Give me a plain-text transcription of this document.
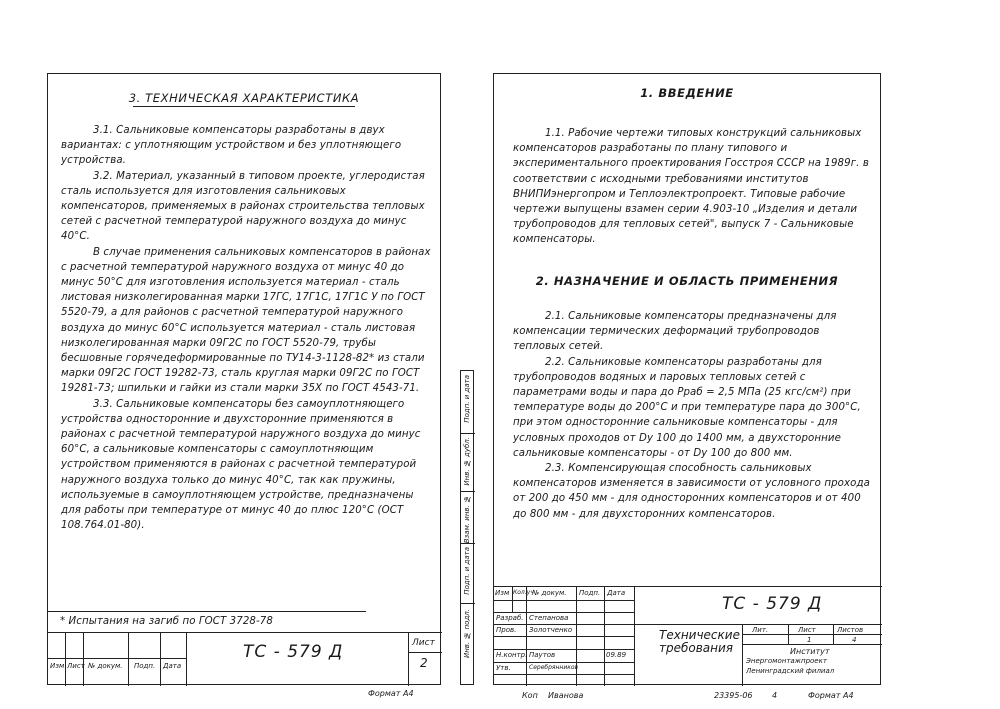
3. ТЕХНИЧЕСКАЯ ХАРАКТЕРИСТИКА
3.1. Сальниковые компенсаторы разработаны в двух вариантах: с уплотняющим устройством и без уплотняющего устройства.
3.2. Материал, указанный в типовом проекте, углеродистая сталь используется для изготовления сальниковых компенсаторов, применяемых в районах строительства тепловых сетей с расчетной температурой наружного воздуха до минус 40°С.
В случае применения сальниковых компенсаторов в районах с расчетной температурой наружного воздуха от минус 40 до минус 50°С для изготовления используется материал - сталь листовая низколегированная марки 17ГС, 17Г1С, 17Г1С У по ГОСТ 5520-79, а для районов с расчетной температурой наружного воздуха до минус 60°С используется материал - сталь листовая низколегированная марки 09Г2С по ГОСТ 5520-79, трубы бесшовные горячедеформированные по ТУ14-3-1128-82* из стали марки 09Г2С ГОСТ 19282-73, сталь круглая марки 09Г2С по ГОСТ 19281-73; шпильки и гайки из стали марки 35Х по ГОСТ 4543-71.
3.3. Сальниковые компенсаторы без самоуплотняющего устройства односторонние и двухсторонние применяются в районах с расчетной температурой наружного воздуха до минус 60°С, а сальниковые компенсаторы с самоуплотняющим устройством применяются в районах с расчетной температурой наружного воздуха только до минус 40°С, так как пружины, используемые в самоуплотняющем устройстве, предназначены для работы при температуре от минус 40 до плюс 120°С (ОСТ 108.764.01-80).
* Испытания на загиб по ГОСТ 3728-78
Изм Лист № докум. Подп. Дата
ТС - 579 Д	Лист
2
Формат А4
Подп. и дата
Инв. № дубл.
Взам. инв. №
Подп. и дата
Инв. № подл.
1. ВВЕДЕНИЕ
1.1. Рабочие чертежи типовых конструкций сальниковых компенсаторов разработаны по плану типового и экспериментального проектирования Госстроя СССР на 1989г. в соответствии с исходными требованиями институтов ВНИПИэнергопром и Теплоэлектропроект. Типовые рабочие чертежи выпущены взамен серии 4.903-10 „Изделия и детали трубопроводов для тепловых сетей", выпуск 7 - Сальниковые компенсаторы.
2. НАЗНАЧЕНИЕ И ОБЛАСТЬ ПРИМЕНЕНИЯ
2.1. Сальниковые компенсаторы предназначены для компенсации термических деформаций трубопроводов тепловых сетей.
2.2. Сальниковые компенсаторы разработаны для трубопроводов водяных и паровых тепловых сетей с параметрами воды и пара до Pраб = 2,5 МПа (25 кгс/см²) при температуре воды до 200°С и при температуре пара до 300°С, при этом односторонние сальниковые компенсаторы - для условных проходов от Dy 100 до 1400 мм, а двухсторонние сальниковые компенсаторы - от Dy 100 до 800 мм.
2.3. Компенсирующая способность сальниковых компенсаторов изменяется в зависимости от условного прохода от 200 до 450 мм - для односторонних компенсаторов и от 400 до 800 мм - для двухсторонних компенсаторов.
Изм Кол.уч
№ докум. Подп. Дата
Разраб. Степанова
Пров. Золотченко
Н.контр. Паутов	09.89
Утв.	Серебрянников
ТС - 579 Д
Технические требования
Лит.	Лист	Листов
1	4
Институт
Энергомонтажпроект
Ленинградский филиал
Коп Иванова	23395-06 4	Формат А4
